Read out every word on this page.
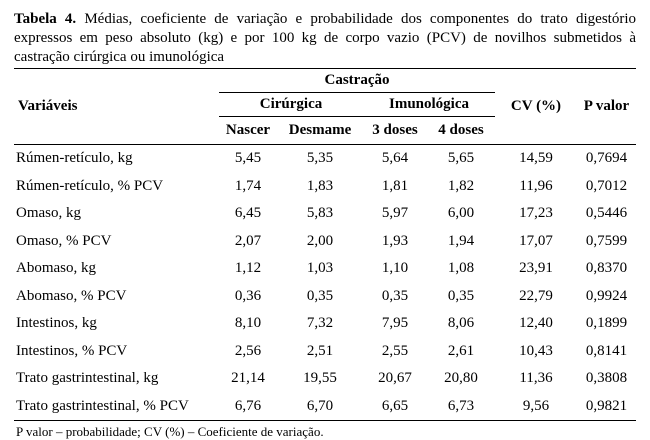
Tabela 4. Médias, coeficiente de variação e probabilidade dos componentes do trato digestório expressos em peso absoluto (kg) e por 100 kg de corpo vazio (PCV) de novilhos submetidos à castração cirúrgica ou imunológica
Variáveis	Castração				CV (%)	P valor
	Cirúrgica		Imunológica			
	Nascer	Desmame	3 doses	4 doses		
Rúmen-retículo, kg	5,45	5,35	5,64	5,65	14,59	0,7694
Rúmen-retículo, % PCV	1,74	1,83	1,81	1,82	11,96	0,7012
Omaso, kg	6,45	5,83	5,97	6,00	17,23	0,5446
Omaso, % PCV	2,07	2,00	1,93	1,94	17,07	0,7599
Abomaso, kg	1,12	1,03	1,10	1,08	23,91	0,8370
Abomaso, % PCV	0,36	0,35	0,35	0,35	22,79	0,9924
Intestinos, kg	8,10	7,32	7,95	8,06	12,40	0,1899
Intestinos, % PCV	2,56	2,51	2,55	2,61	10,43	0,8141
Trato gastrintestinal, kg	21,14	19,55	20,67	20,80	11,36	0,3808
Trato gastrintestinal, % PCV	6,76	6,70	6,65	6,73	9,56	0,9821
P valor – probabilidade; CV (%) – Coeficiente de variação.
